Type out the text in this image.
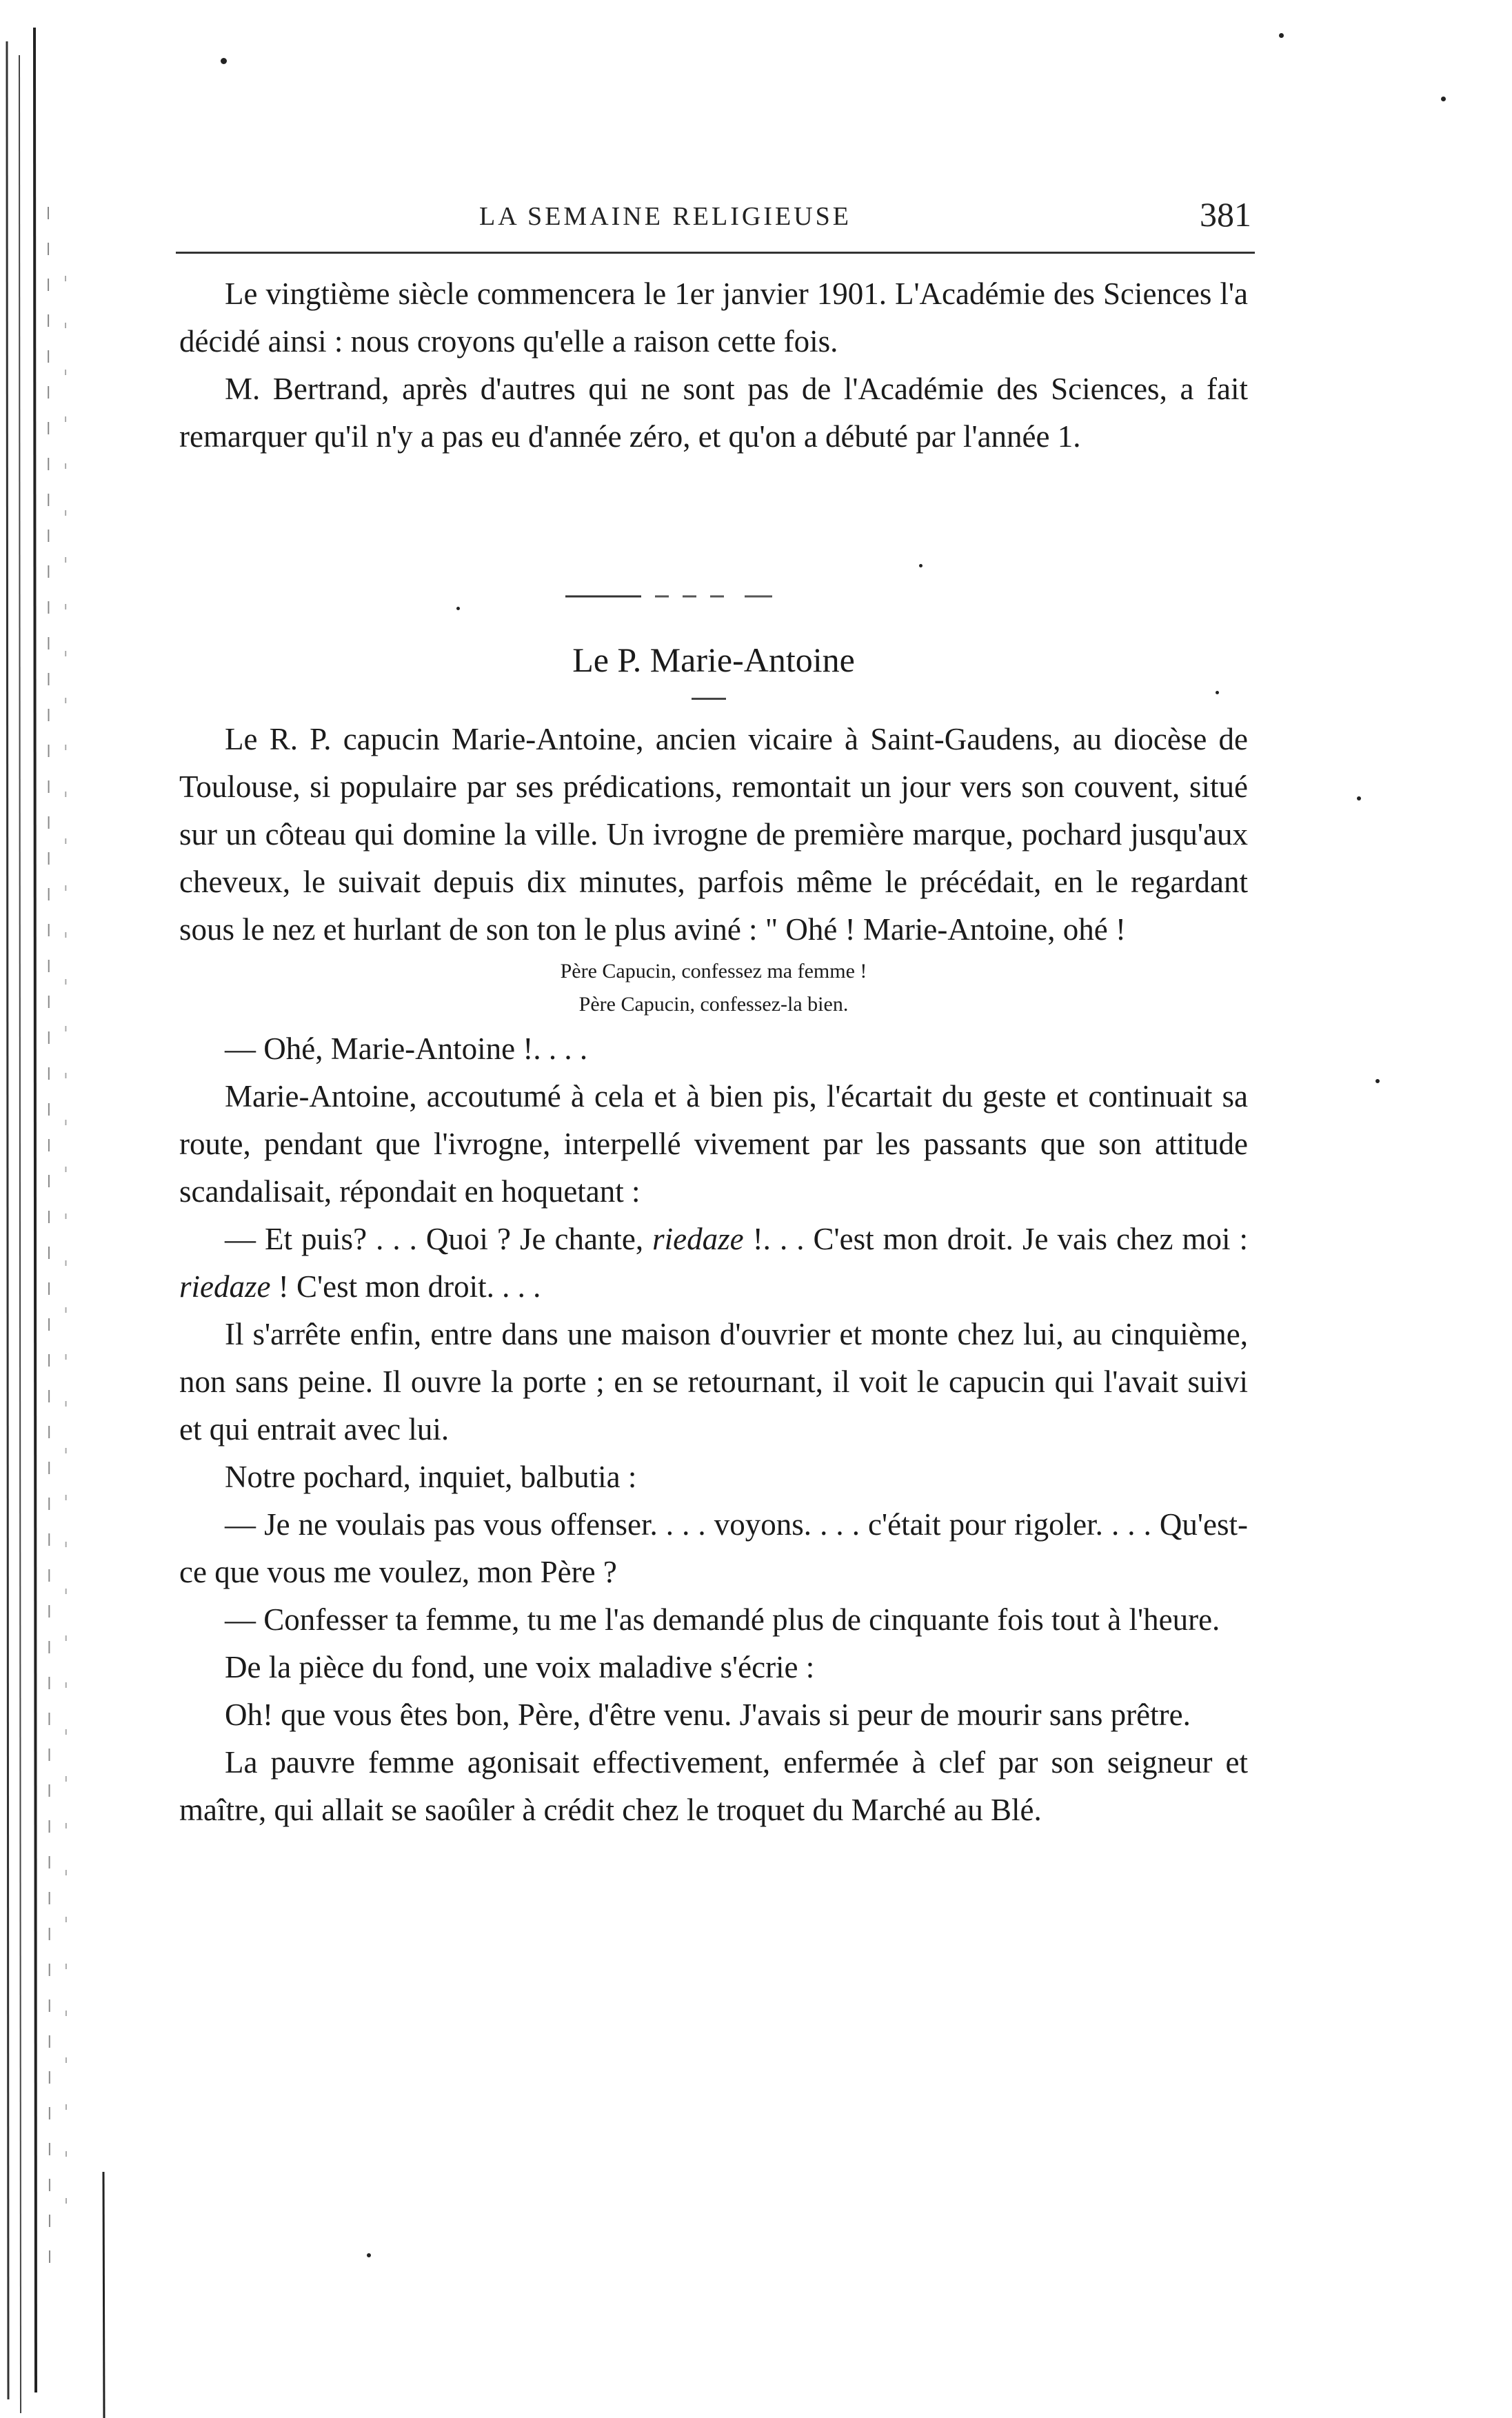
LA SEMAINE RELIGIEUSE	381

Le vingtième siècle commencera le 1er janvier 1901. L'Académie des Sciences l'a décidé ainsi : nous croyons qu'elle a raison cette fois.

M. Bertrand, après d'autres qui ne sont pas de l'Académie des Sciences, a fait remarquer qu'il n'y a pas eu d'année zéro, et qu'on a débuté par l'année 1.

Le P. Marie-Antoine

Le R. P. capucin Marie-Antoine, ancien vicaire à Saint-Gaudens, au diocèse de Toulouse, si populaire par ses prédications, remontait un jour vers son couvent, situé sur un côteau qui domine la ville. Un ivrogne de première marque, pochard jusqu'aux cheveux, le suivait depuis dix minutes, parfois même le précédait, en le regardant sous le nez et hurlant de son ton le plus aviné : " Ohé ! Marie-Antoine, ohé !

Père Capucin, confessez ma femme !
Père Capucin, confessez-la bien.

— Ohé, Marie-Antoine !. . . .

Marie-Antoine, accoutumé à cela et à bien pis, l'écartait du geste et continuait sa route, pendant que l'ivrogne, interpellé vivement par les passants que son attitude scandalisait, répondait en hoquetant :

— Et puis? . . . Quoi ? Je chante, riedaze !. . . C'est mon droit. Je vais chez moi : riedaze ! C'est mon droit. . . .

Il s'arrête enfin, entre dans une maison d'ouvrier et monte chez lui, au cinquième, non sans peine. Il ouvre la porte ; en se retournant, il voit le capucin qui l'avait suivi et qui entrait avec lui.

Notre pochard, inquiet, balbutia :

— Je ne voulais pas vous offenser. . . . voyons. . . . c'était pour rigoler. . . . Qu'est-ce que vous me voulez, mon Père ?

— Confesser ta femme, tu me l'as demandé plus de cinquante fois tout à l'heure.

De la pièce du fond, une voix maladive s'écrie :

Oh! que vous êtes bon, Père, d'être venu. J'avais si peur de mourir sans prêtre.

La pauvre femme agonisait effectivement, enfermée à clef par son seigneur et maître, qui allait se saoûler à crédit chez le troquet du Marché au Blé.
